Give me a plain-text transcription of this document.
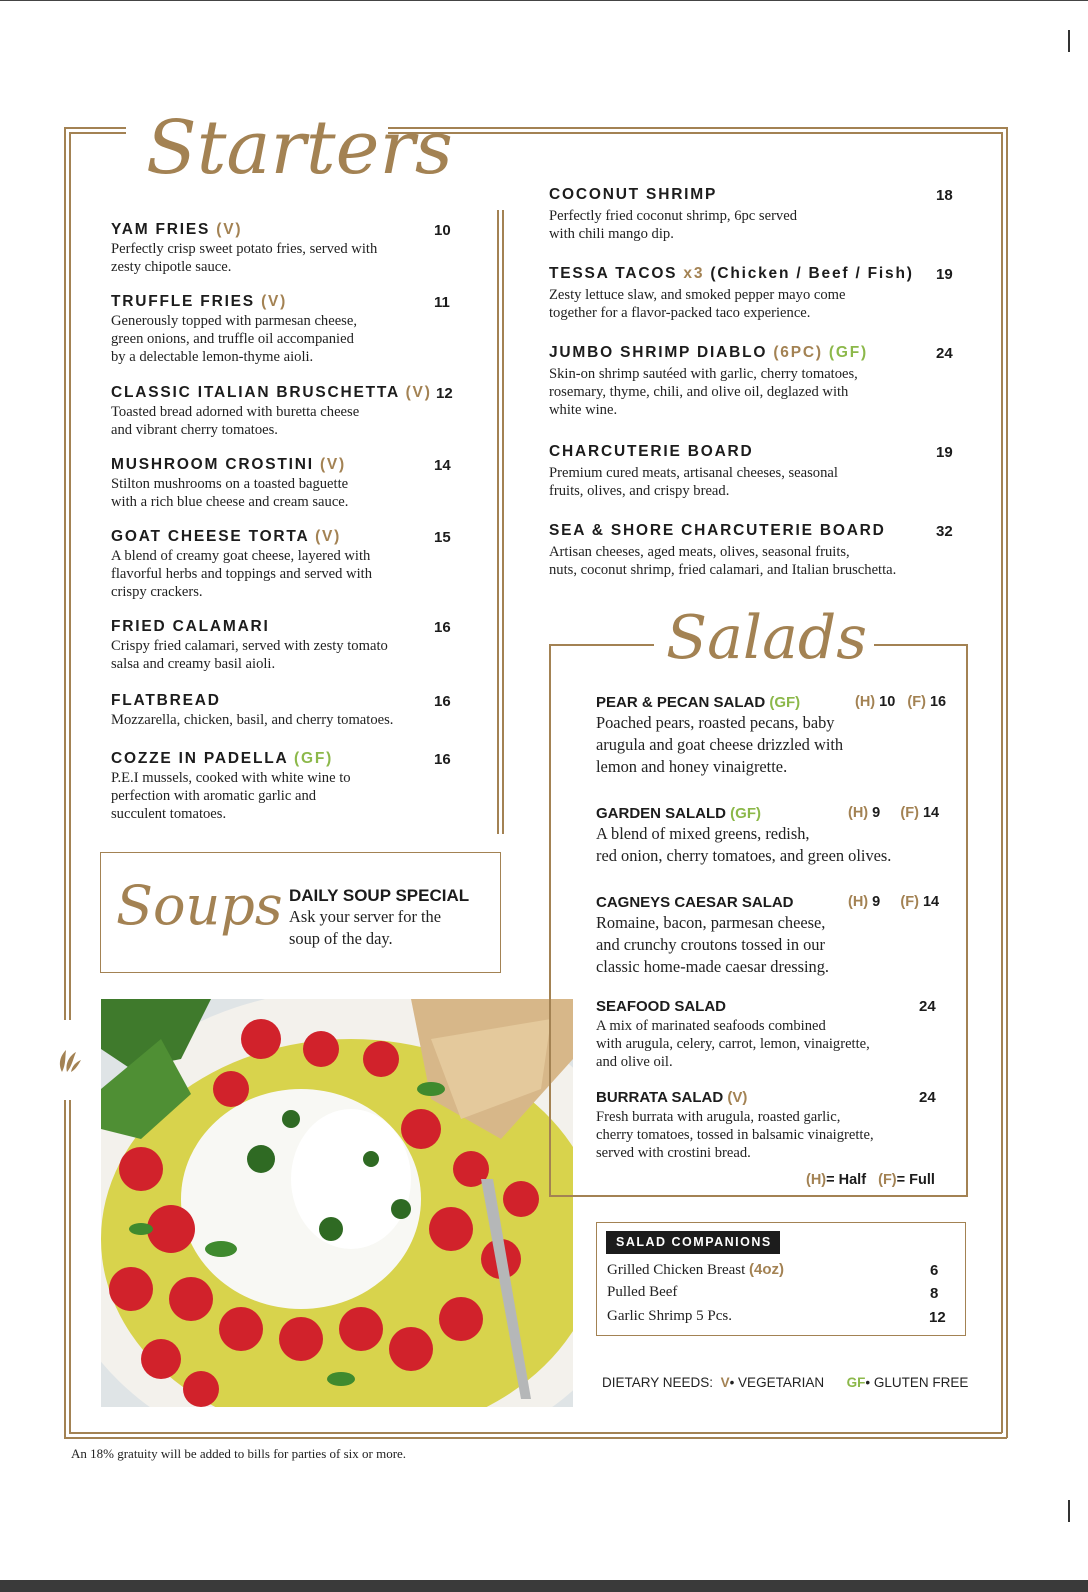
Starters
YAM FRIES (V)	10
Perfectly crisp sweet potato fries, served with
zesty chipotle sauce.
TRUFFLE FRIES (V)	11
Generously topped with parmesan cheese,
green onions, and truffle oil accompanied
by a delectable lemon-thyme aioli.
CLASSIC ITALIAN BRUSCHETTA (V) 12
Toasted bread adorned with buretta cheese
and vibrant cherry tomatoes.
MUSHROOM CROSTINI (V)	14
Stilton mushrooms on a toasted baguette
with a rich blue cheese and cream sauce.
GOAT CHEESE TORTA (V)	15
A blend of creamy goat cheese, layered with
flavorful herbs and toppings and served with
crispy crackers.
FRIED CALAMARI	16
Crispy fried calamari, served with zesty tomato
salsa and creamy basil aioli.
FLATBREAD	16
Mozzarella, chicken, basil, and cherry tomatoes.
COZZE IN PADELLA (GF)	16
P.E.I mussels, cooked with white wine to
perfection with aromatic garlic and
succulent tomatoes.
COCONUT SHRIMP	18
Perfectly fried coconut shrimp, 6pc served
with chili mango dip.
TESSA TACOS x3 (Chicken / Beef / Fish) 19
Zesty lettuce slaw, and smoked pepper mayo come
together for a flavor-packed taco experience.
JUMBO SHRIMP DIABLO (6PC) (GF)	24
Skin-on shrimp sautéed with garlic, cherry tomatoes,
rosemary, thyme, chili, and olive oil, deglazed with
white wine.
CHARCUTERIE BOARD	19
Premium cured meats, artisanal cheeses, seasonal
fruits, olives, and crispy bread.
SEA & SHORE CHARCUTERIE BOARD	32
Artisan cheeses, aged meats, olives, seasonal fruits,
nuts, coconut shrimp, fried calamari, and Italian bruschetta.
Soups DAILY SOUP SPECIAL
Ask your server for the
soup of the day.
Salads
PEAR & PECAN SALAD (GF)	(H) 10 (F) 16
Poached pears, roasted pecans, baby
arugula and goat cheese drizzled with
lemon and honey vinaigrette.
GARDEN SALALD (GF)	(H) 9 (F) 14
A blend of mixed greens, redish,
red onion, cherry tomatoes, and green olives.
CAGNEYS CAESAR SALAD	(H) 9 (F) 14
Romaine, bacon, parmesan cheese,
and crunchy croutons tossed in our
classic home-made caesar dressing.
SEAFOOD SALAD	24
A mix of marinated seafoods combined
with arugula, celery, carrot, lemon, vinaigrette,
and olive oil.
BURRATA SALAD (V)	24
Fresh burrata with arugula, roasted garlic,
cherry tomatoes, tossed in balsamic vinaigrette,
served with crostini bread.
(H)= Half (F)= Full
SALAD COMPANIONS
Grilled Chicken Breast (4oz)	6
Pulled Beef	8
Garlic Shrimp 5 Pcs.	12
DIETARY NEEDS: V• VEGETARIAN GF• GLUTEN FREE
An 18% gratuity will be added to bills for parties of six or more.
